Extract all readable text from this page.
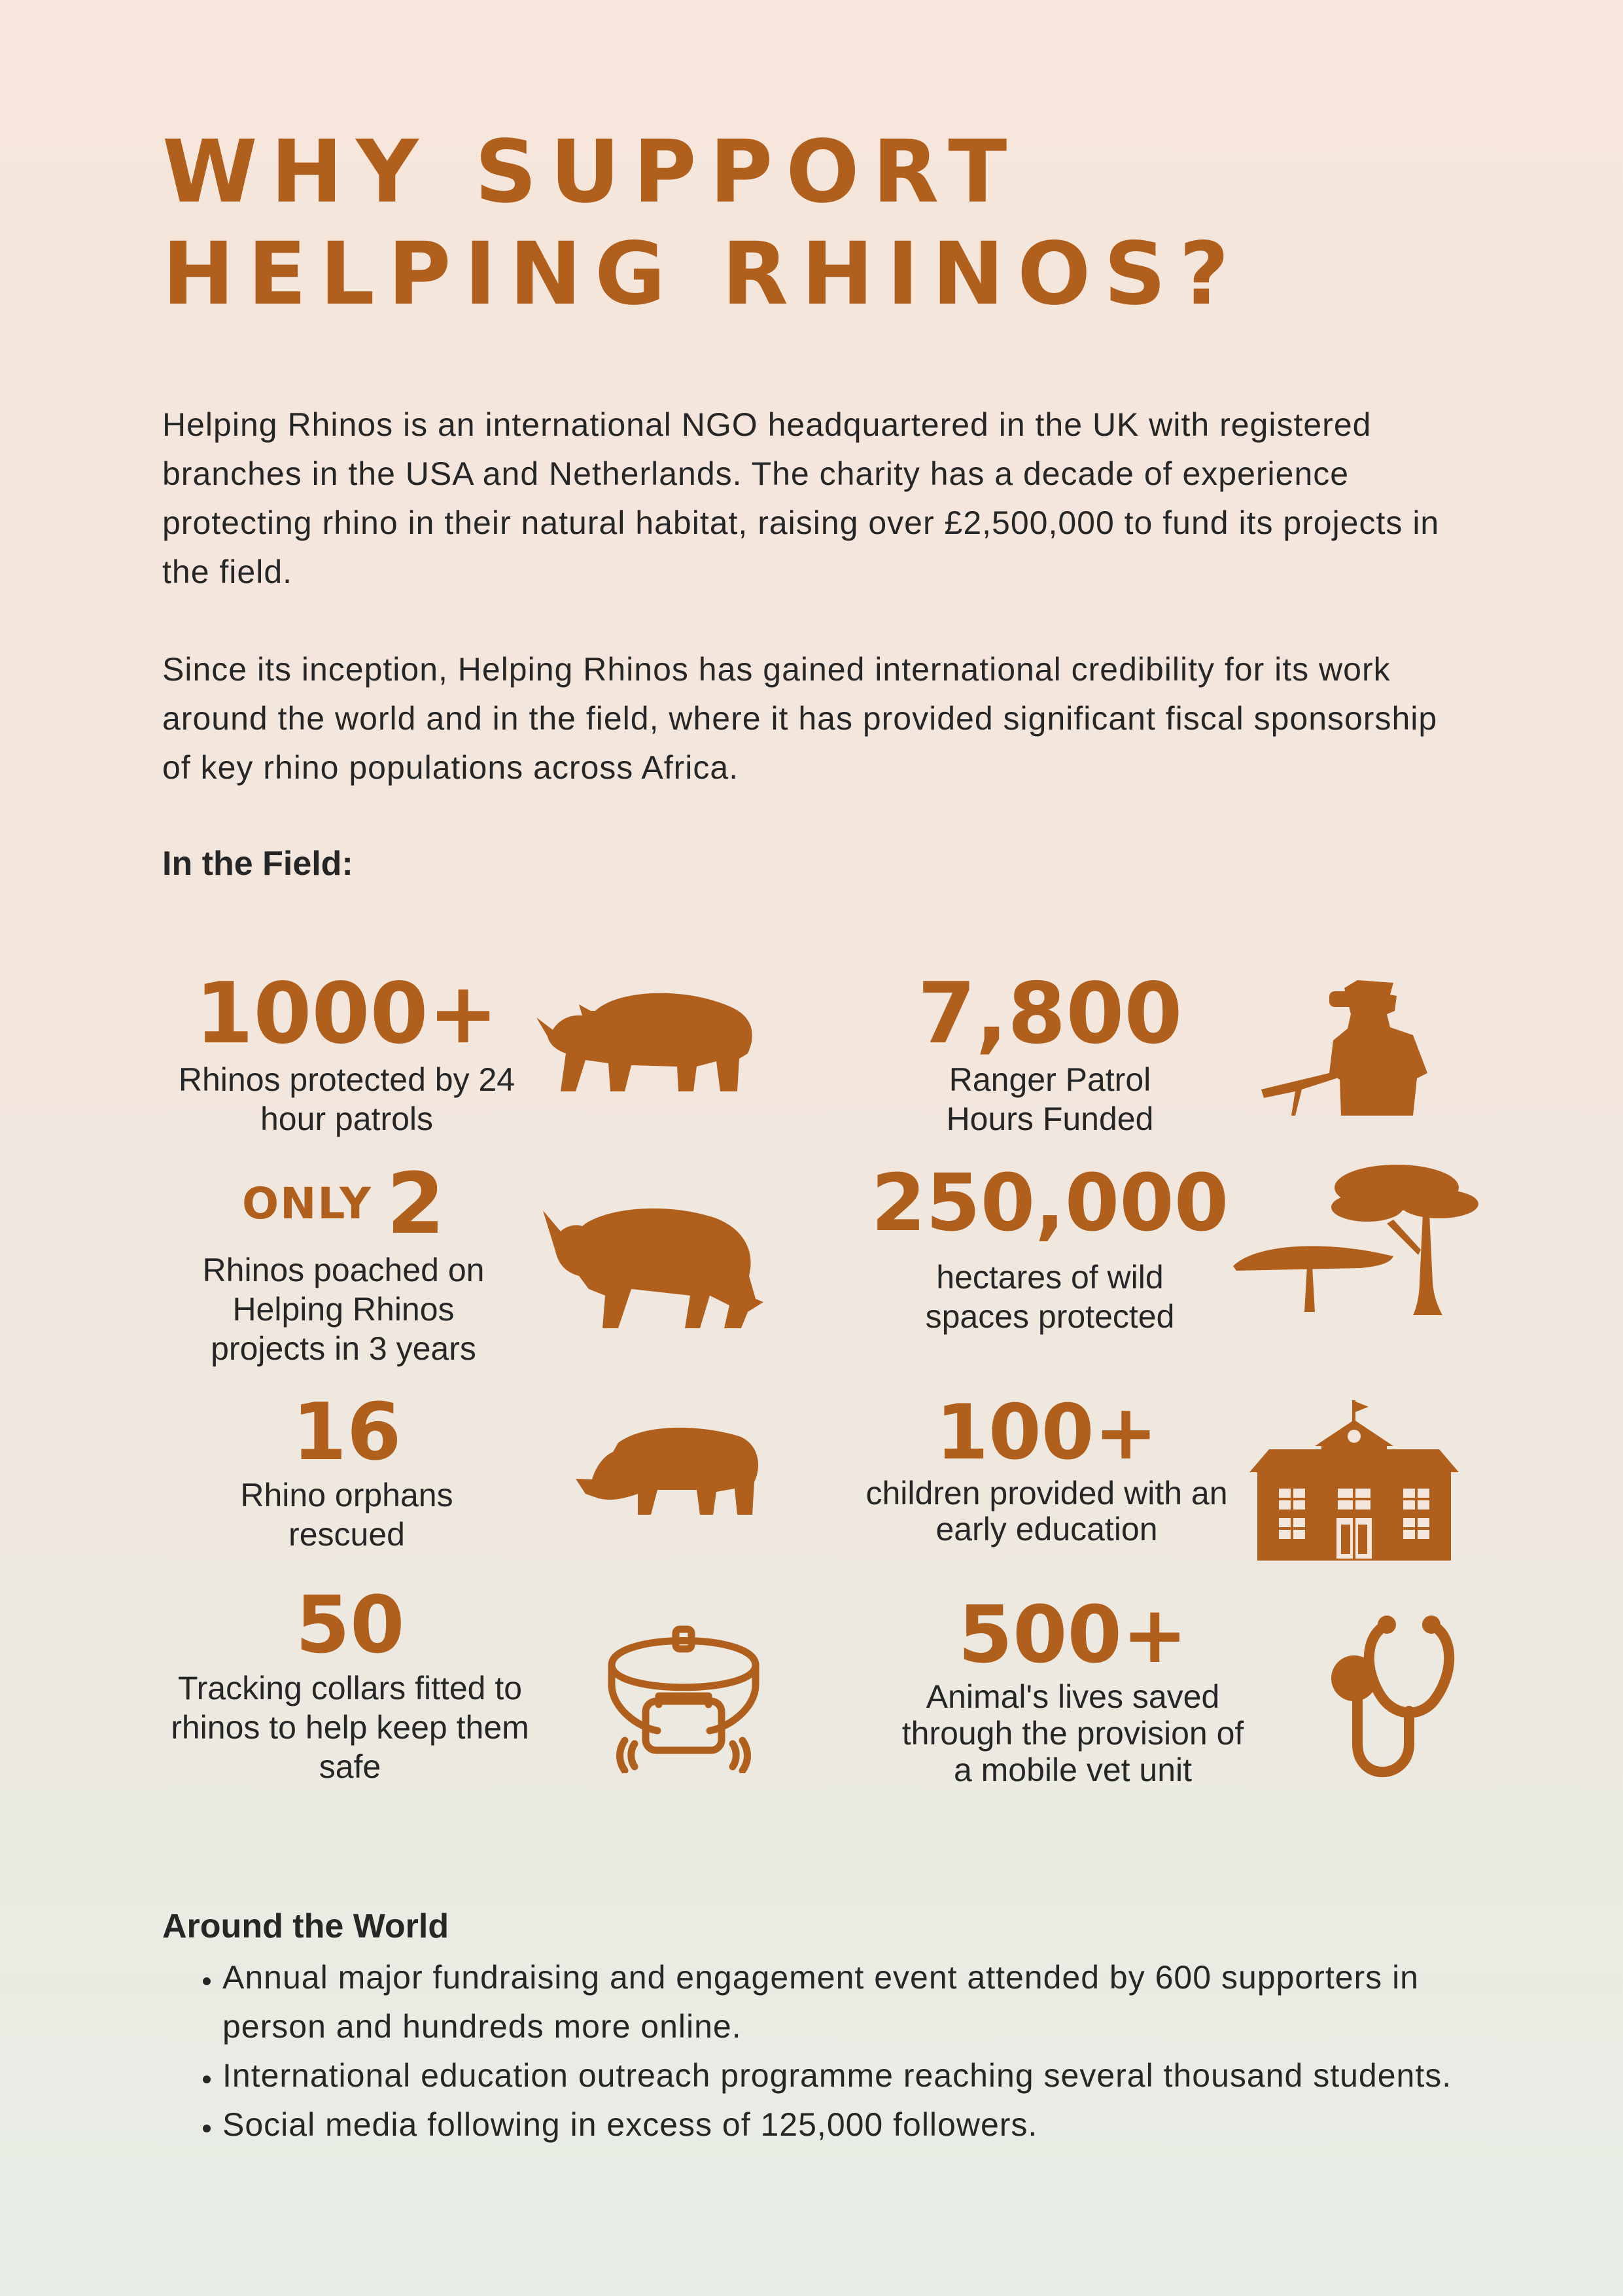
WHY SUPPORT
HELPING RHINOS?

Helping Rhinos is an international NGO headquartered in the UK with registered branches in the USA and Netherlands. The charity has a decade of experience protecting rhino in their natural habitat, raising over £2,500,000 to fund its projects in the field.

Since its inception, Helping Rhinos has gained international credibility for its work around the world and in the field, where it has provided significant fiscal sponsorship of key rhino populations across Africa.

In the Field:
1000+
Rhinos protected by 24 hour patrols
7,800
Ranger Patrol Hours Funded
ONLY 2
Rhinos poached on Helping Rhinos projects in 3 years
250,000
hectares of wild spaces protected
16
Rhino orphans rescued
100+
children provided with an early education
50
Tracking collars fitted to rhinos to help keep them safe
500+
Animal's lives saved through the provision of a mobile vet unit
Around the World
• Annual major fundraising and engagement event attended by 600 supporters in person and hundreds more online.
• International education outreach programme reaching several thousand students.
• Social media following in excess of 125,000 followers.
